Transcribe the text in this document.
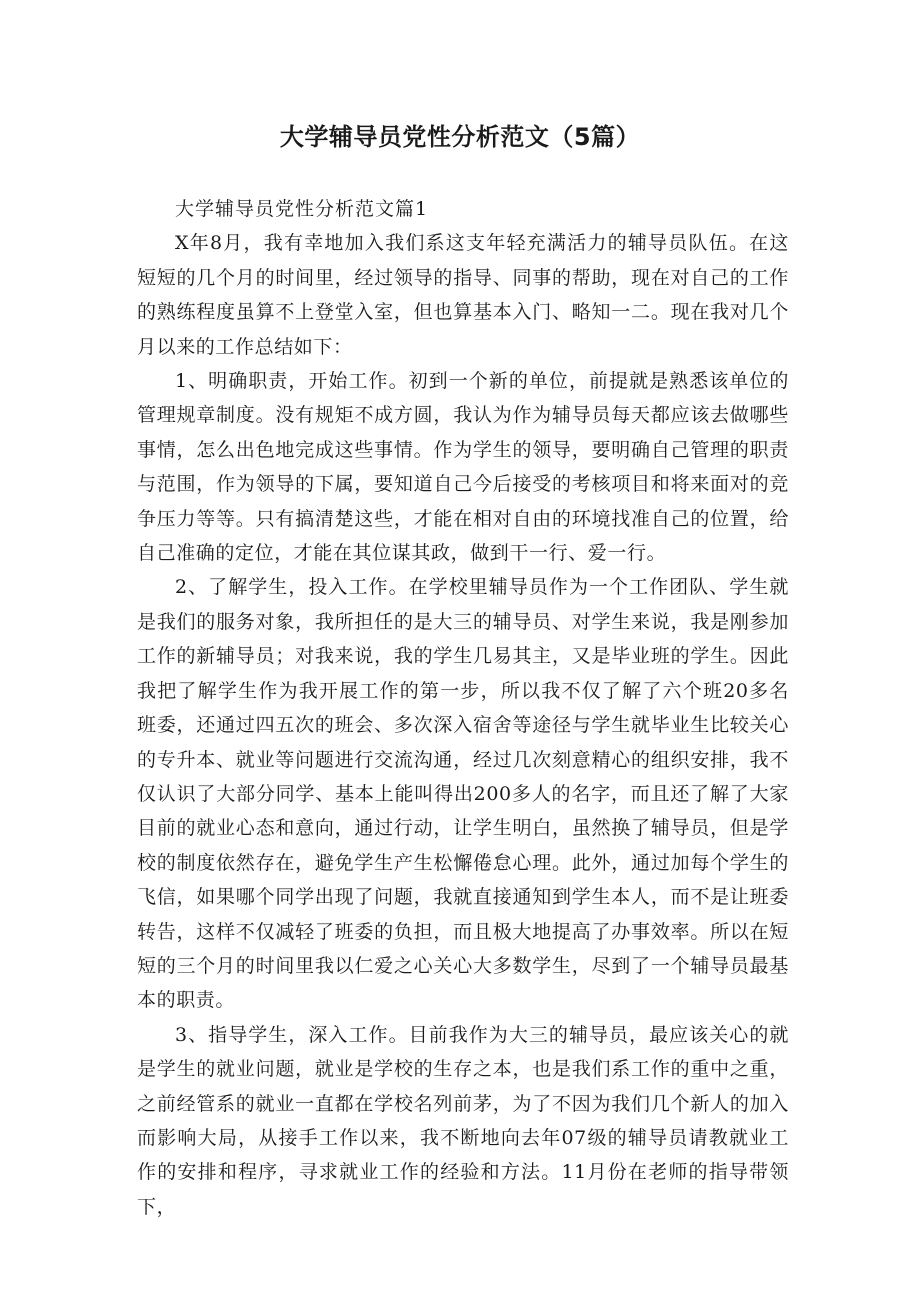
大学辅导员党性分析范文（5篇）

大学辅导员党性分析范文篇1

X年8月，我有幸地加入我们系这支年轻充满活力的辅导员队伍。在这短短的几个月的时间里，经过领导的指导、同事的帮助，现在对自己的工作的熟练程度虽算不上登堂入室，但也算基本入门、略知一二。现在我对几个月以来的工作总结如下：

1、明确职责，开始工作。初到一个新的单位，前提就是熟悉该单位的管理规章制度。没有规矩不成方圆，我认为作为辅导员每天都应该去做哪些事情，怎么出色地完成这些事情。作为学生的领导，要明确自己管理的职责与范围，作为领导的下属，要知道自己今后接受的考核项目和将来面对的竞争压力等等。只有搞清楚这些，才能在相对自由的环境找准自己的位置，给自己准确的定位，才能在其位谋其政，做到干一行、爱一行。

2、了解学生，投入工作。在学校里辅导员作为一个工作团队、学生就是我们的服务对象，我所担任的是大三的辅导员、对学生来说，我是刚参加工作的新辅导员；对我来说，我的学生几易其主，又是毕业班的学生。因此我把了解学生作为我开展工作的第一步，所以我不仅了解了六个班20多名班委，还通过四五次的班会、多次深入宿舍等途径与学生就毕业生比较关心的专升本、就业等问题进行交流沟通，经过几次刻意精心的组织安排，我不仅认识了大部分同学、基本上能叫得出200多人的名字，而且还了解了大家目前的就业心态和意向，通过行动，让学生明白，虽然换了辅导员，但是学校的制度依然存在，避免学生产生松懈倦怠心理。此外，通过加每个学生的飞信，如果哪个同学出现了问题，我就直接通知到学生本人，而不是让班委转告，这样不仅减轻了班委的负担，而且极大地提高了办事效率。所以在短短的三个月的时间里我以仁爱之心关心大多数学生，尽到了一个辅导员最基本的职责。

3、指导学生，深入工作。目前我作为大三的辅导员，最应该关心的就是学生的就业问题，就业是学校的生存之本，也是我们系工作的重中之重，之前经管系的就业一直都在学校名列前茅，为了不因为我们几个新人的加入而影响大局，从接手工作以来，我不断地向去年07级的辅导员请教就业工作的安排和程序，寻求就业工作的经验和方法。11月份在老师的指导带领下，
